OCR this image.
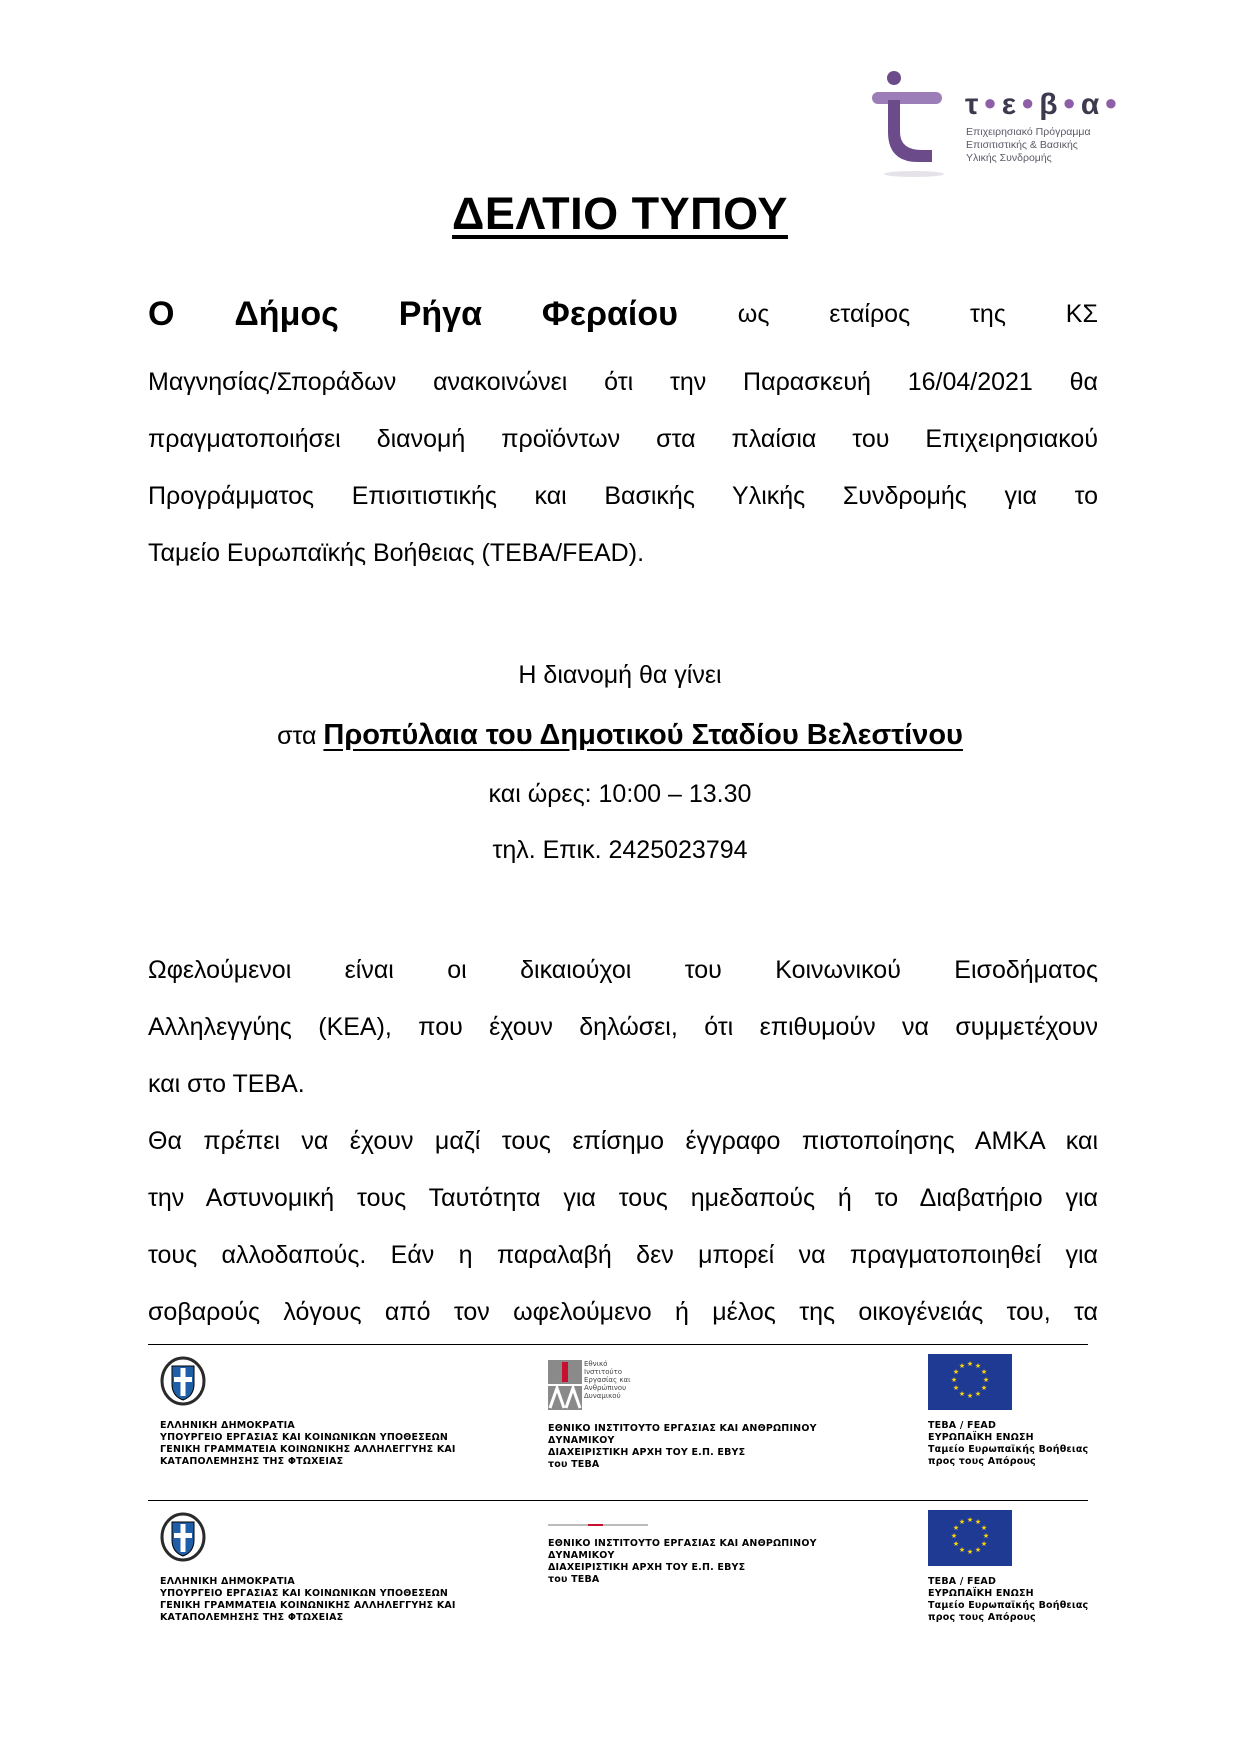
τ ● ε ● β ● α ●
Επιχειρησιακό Πρόγραμμα
Επισιτιστικής & Βασικής
Υλικής Συνδρομής
ΔΕΛΤΙΟ ΤΥΠΟΥ
Ο Δήμος Ρήγα Φεραίου ως εταίρος της ΚΣ
Μαγνησίας/Σποράδων ανακοινώνει ότι την Παρασκευή 16/04/2021 θα
πραγματοποιήσει διανομή προϊόντων στα πλαίσια του Επιχειρησιακού
Προγράμματος Επισιτιστικής και Βασικής Υλικής Συνδρομής για το
Ταμείο Ευρωπαϊκής Βοήθειας (ΤΕΒΑ/FEAD).
Η διανομή θα γίνει
στα Προπύλαια του Δημοτικού Σταδίου Βελεστίνου
και ώρες: 10:00 – 13.30
τηλ. Επικ. 2425023794
Ωφελούμενοι είναι οι δικαιούχοι του Κοινωνικού Εισοδήματος
Αλληλεγγύης (ΚΕΑ), που έχουν δηλώσει, ότι επιθυμούν να συμμετέχουν
και στο ΤΕΒΑ.
Θα πρέπει να έχουν μαζί τους επίσημο έγγραφο πιστοποίησης ΑΜΚΑ και
την Αστυνομική τους Ταυτότητα για τους ημεδαπούς ή το Διαβατήριο για
τους αλλοδαπούς. Εάν η παραλαβή δεν μπορεί να πραγματοποιηθεί για
σοβαρούς λόγους από τον ωφελούμενο ή μέλος της οικογένειάς του, τα
ΕΛΛΗΝΙΚΗ ΔΗΜΟΚΡΑΤΙΑ
ΥΠΟΥΡΓΕΙΟ ΕΡΓΑΣΙΑΣ ΚΑΙ ΚΟΙΝΩΝΙΚΩΝ ΥΠΟΘΕΣΕΩΝ
ΓΕΝΙΚΗ ΓΡΑΜΜΑΤΕΙΑ ΚΟΙΝΩΝΙΚΗΣ ΑΛΛΗΛΕΓΓΥΗΣ ΚΑΙ
ΚΑΤΑΠΟΛΕΜΗΣΗΣ ΤΗΣ ΦΤΩΧΕΙΑΣ
Εθνικό
Ινστιτούτο
Εργασίας και
Ανθρώπινου
Δυναμικού
ΕΘΝΙΚΟ ΙΝΣΤΙΤΟΥΤΟ ΕΡΓΑΣΙΑΣ ΚΑΙ ΑΝΘΡΩΠΙΝΟΥ
ΔΥΝΑΜΙΚΟΥ
ΔΙΑΧΕΙΡΙΣΤΙΚΗ ΑΡΧΗ ΤΟΥ Ε.Π. ΕΒΥΣ
του ΤΕΒΑ
★ ★
★
★
★
★
★
★
★
★
★
★
ΤΕΒΑ / FEAD
ΕΥΡΩΠΑΪΚΗ ΕΝΩΣΗ
Ταμείο Ευρωπαϊκής Βοήθειας
προς τους Απόρους
ΕΛΛΗΝΙΚΗ ΔΗΜΟΚΡΑΤΙΑ
ΥΠΟΥΡΓΕΙΟ ΕΡΓΑΣΙΑΣ ΚΑΙ ΚΟΙΝΩΝΙΚΩΝ ΥΠΟΘΕΣΕΩΝ
ΓΕΝΙΚΗ ΓΡΑΜΜΑΤΕΙΑ ΚΟΙΝΩΝΙΚΗΣ ΑΛΛΗΛΕΓΓΥΗΣ ΚΑΙ
ΚΑΤΑΠΟΛΕΜΗΣΗΣ ΤΗΣ ΦΤΩΧΕΙΑΣ
ΕΘΝΙΚΟ ΙΝΣΤΙΤΟΥΤΟ ΕΡΓΑΣΙΑΣ ΚΑΙ ΑΝΘΡΩΠΙΝΟΥ
ΔΥΝΑΜΙΚΟΥ
ΔΙΑΧΕΙΡΙΣΤΙΚΗ ΑΡΧΗ ΤΟΥ Ε.Π. ΕΒΥΣ
του ΤΕΒΑ
★ ★
★
★
★
★
★
★
★
★
★
★
ΤΕΒΑ / FEAD
ΕΥΡΩΠΑΪΚΗ ΕΝΩΣΗ
Ταμείο Ευρωπαϊκής Βοήθειας
προς τους Απόρους
